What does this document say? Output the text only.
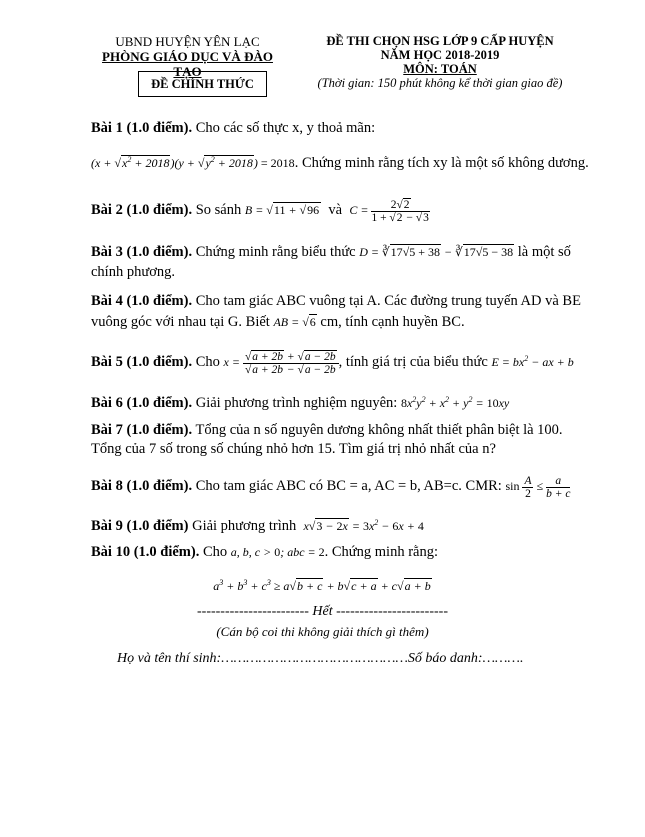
UBND HUYỆN YÊN LẠC
PHÒNG GIÁO DỤC VÀ ĐÀO TẠO
ĐỀ CHÍNH THỨC
ĐỀ THI CHỌN HSG LỚP 9 CẤP HUYỆN
NĂM HỌC 2018-2019
MÔN: TOÁN
(Thời gian: 150 phút không kể thời gian giao đề)
Bài 1 (1.0 điểm). Cho các số thực x, y thoả mãn:
$(x + √x^2 + 2018)(y + √y^2 + 2018) = 2018$. Chứng minh rằng tích xy là một số không dương.
Bài 2 (1.0 điểm). So sánh B = √11 + √96 và $C = \frac{2√2}{1 + √2 - √3}$
Bài 3 (1.0 điểm). Chứng minh rằng biểu thức D = ∛17√5 + 38 − ∛17√5 − 38 là một số
chính phương.
Bài 4 (1.0 điểm). Cho tam giác ABC vuông tại A. Các đường trung tuyến AD và BE
vuông góc với nhau tại G. Biết AB = √6 cm, tính cạnh huyền BC.
Bài 5 (1.0 điểm). Cho $x = \frac{√a + 2b + √a - 2b}{√a + 2b - √a - 2b}$ , tính giá trị của biểu thức $E = bx^2$ − ax + b
Bài 6 (1.0 điểm). Giải phương trình nghiệm nguyên: $8x^2y^2 + x^2 + y^2 = 10xy$
Bài 7 (1.0 điểm). Tổng của n số nguyên dương không nhất thiết phân biệt là 100.
Tổng của 7 số trong số chúng nhỏ hơn 15. Tìm giá trị nhỏ nhất của n?
Bài 8 (1.0 điểm). Cho tam giác ABC có BC = a, AC = b, AB=c. CMR: $\sin \frac{A}{2} \le \frac{a}{b + c}$
Bài 9 (1.0 điểm) Giải phương trình $x√3 - 2x = 3x^2 - 6x + 4$
Bài 10 (1.0 điểm). Cho a, b, c > 0; abc = 2. Chứng minh rằng:
$a^3 + b^3 + c^3 \ge a√b + c + b√c + a + c√a + b$
------------------------ Hết ------------------------
(Cán bộ coi thi không giải thích gì thêm)
Họ và tên thí sinh:………………………………………Số báo danh:……….
